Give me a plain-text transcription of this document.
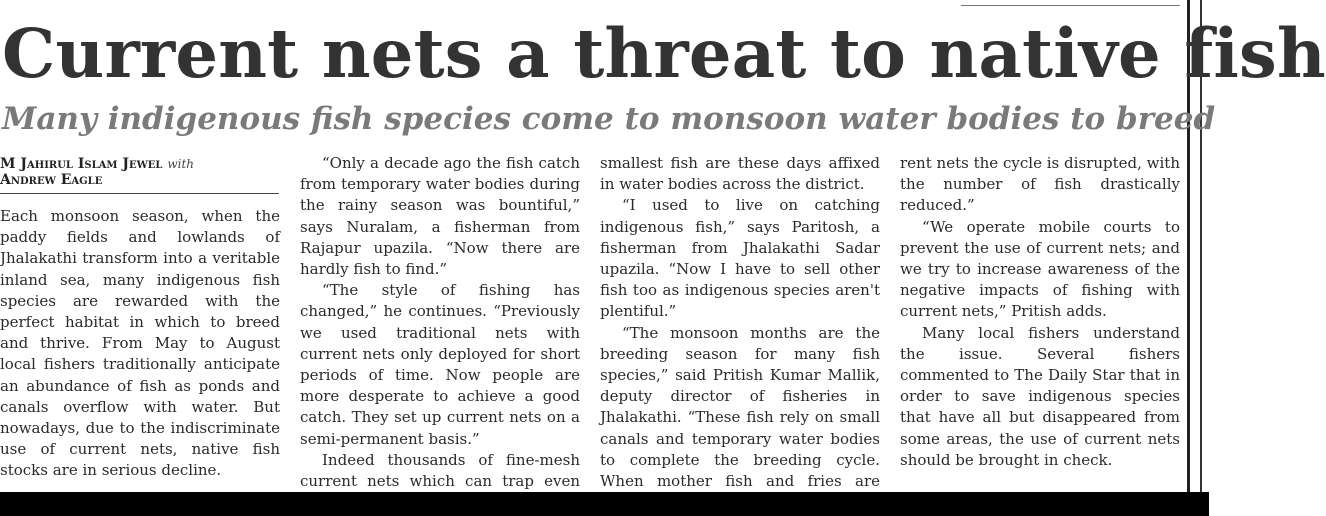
Current nets a threat to native fish
Many indigenous fish species come to monsoon water bodies to breed
M Jahirul Islam Jewel with
Andrew Eagle

Each monsoon season, when the paddy fields and lowlands of Jhalakathi transform into a veritable inland sea, many indigenous fish species are rewarded with the perfect habitat in which to breed and thrive. From May to August local fishers traditionally anticipate an abundance of fish as ponds and canals overflow with water. But nowadays, due to the indiscriminate use of current nets, native fish stocks are in serious decline.

“Only a decade ago the fish catch from temporary water bodies during the rainy season was bountiful,” says Nuralam, a fisherman from Rajapur upazila. “Now there are hardly fish to find.”

“The style of fishing has changed,” he continues. “Previously we used traditional nets with current nets only deployed for short periods of time. Now people are more desperate to achieve a good catch. They set up current nets on a semi-permanent basis.”

Indeed thousands of fine-mesh current nets which can trap even

smallest fish are these days affixed in water bodies across the district.

“I used to live on catching indigenous fish,” says Paritosh, a fisherman from Jhalakathi Sadar upazila. “Now I have to sell other fish too as indigenous species aren't plentiful.”

“The monsoon months are the breeding season for many fish species,” said Pritish Kumar Mallik, deputy director of fisheries in Jhalakathi. “These fish rely on small canals and temporary water bodies to complete the breeding cycle. When mother fish and fries are

rent nets the cycle is disrupted, with the number of fish drastically reduced.”

“We operate mobile courts to prevent the use of current nets; and we try to increase awareness of the negative impacts of fishing with current nets,” Pritish adds.

Many local fishers understand the issue. Several fishers commented to The Daily Star that in order to save indigenous species that have all but disappeared from some areas, the use of current nets should be brought in check.
